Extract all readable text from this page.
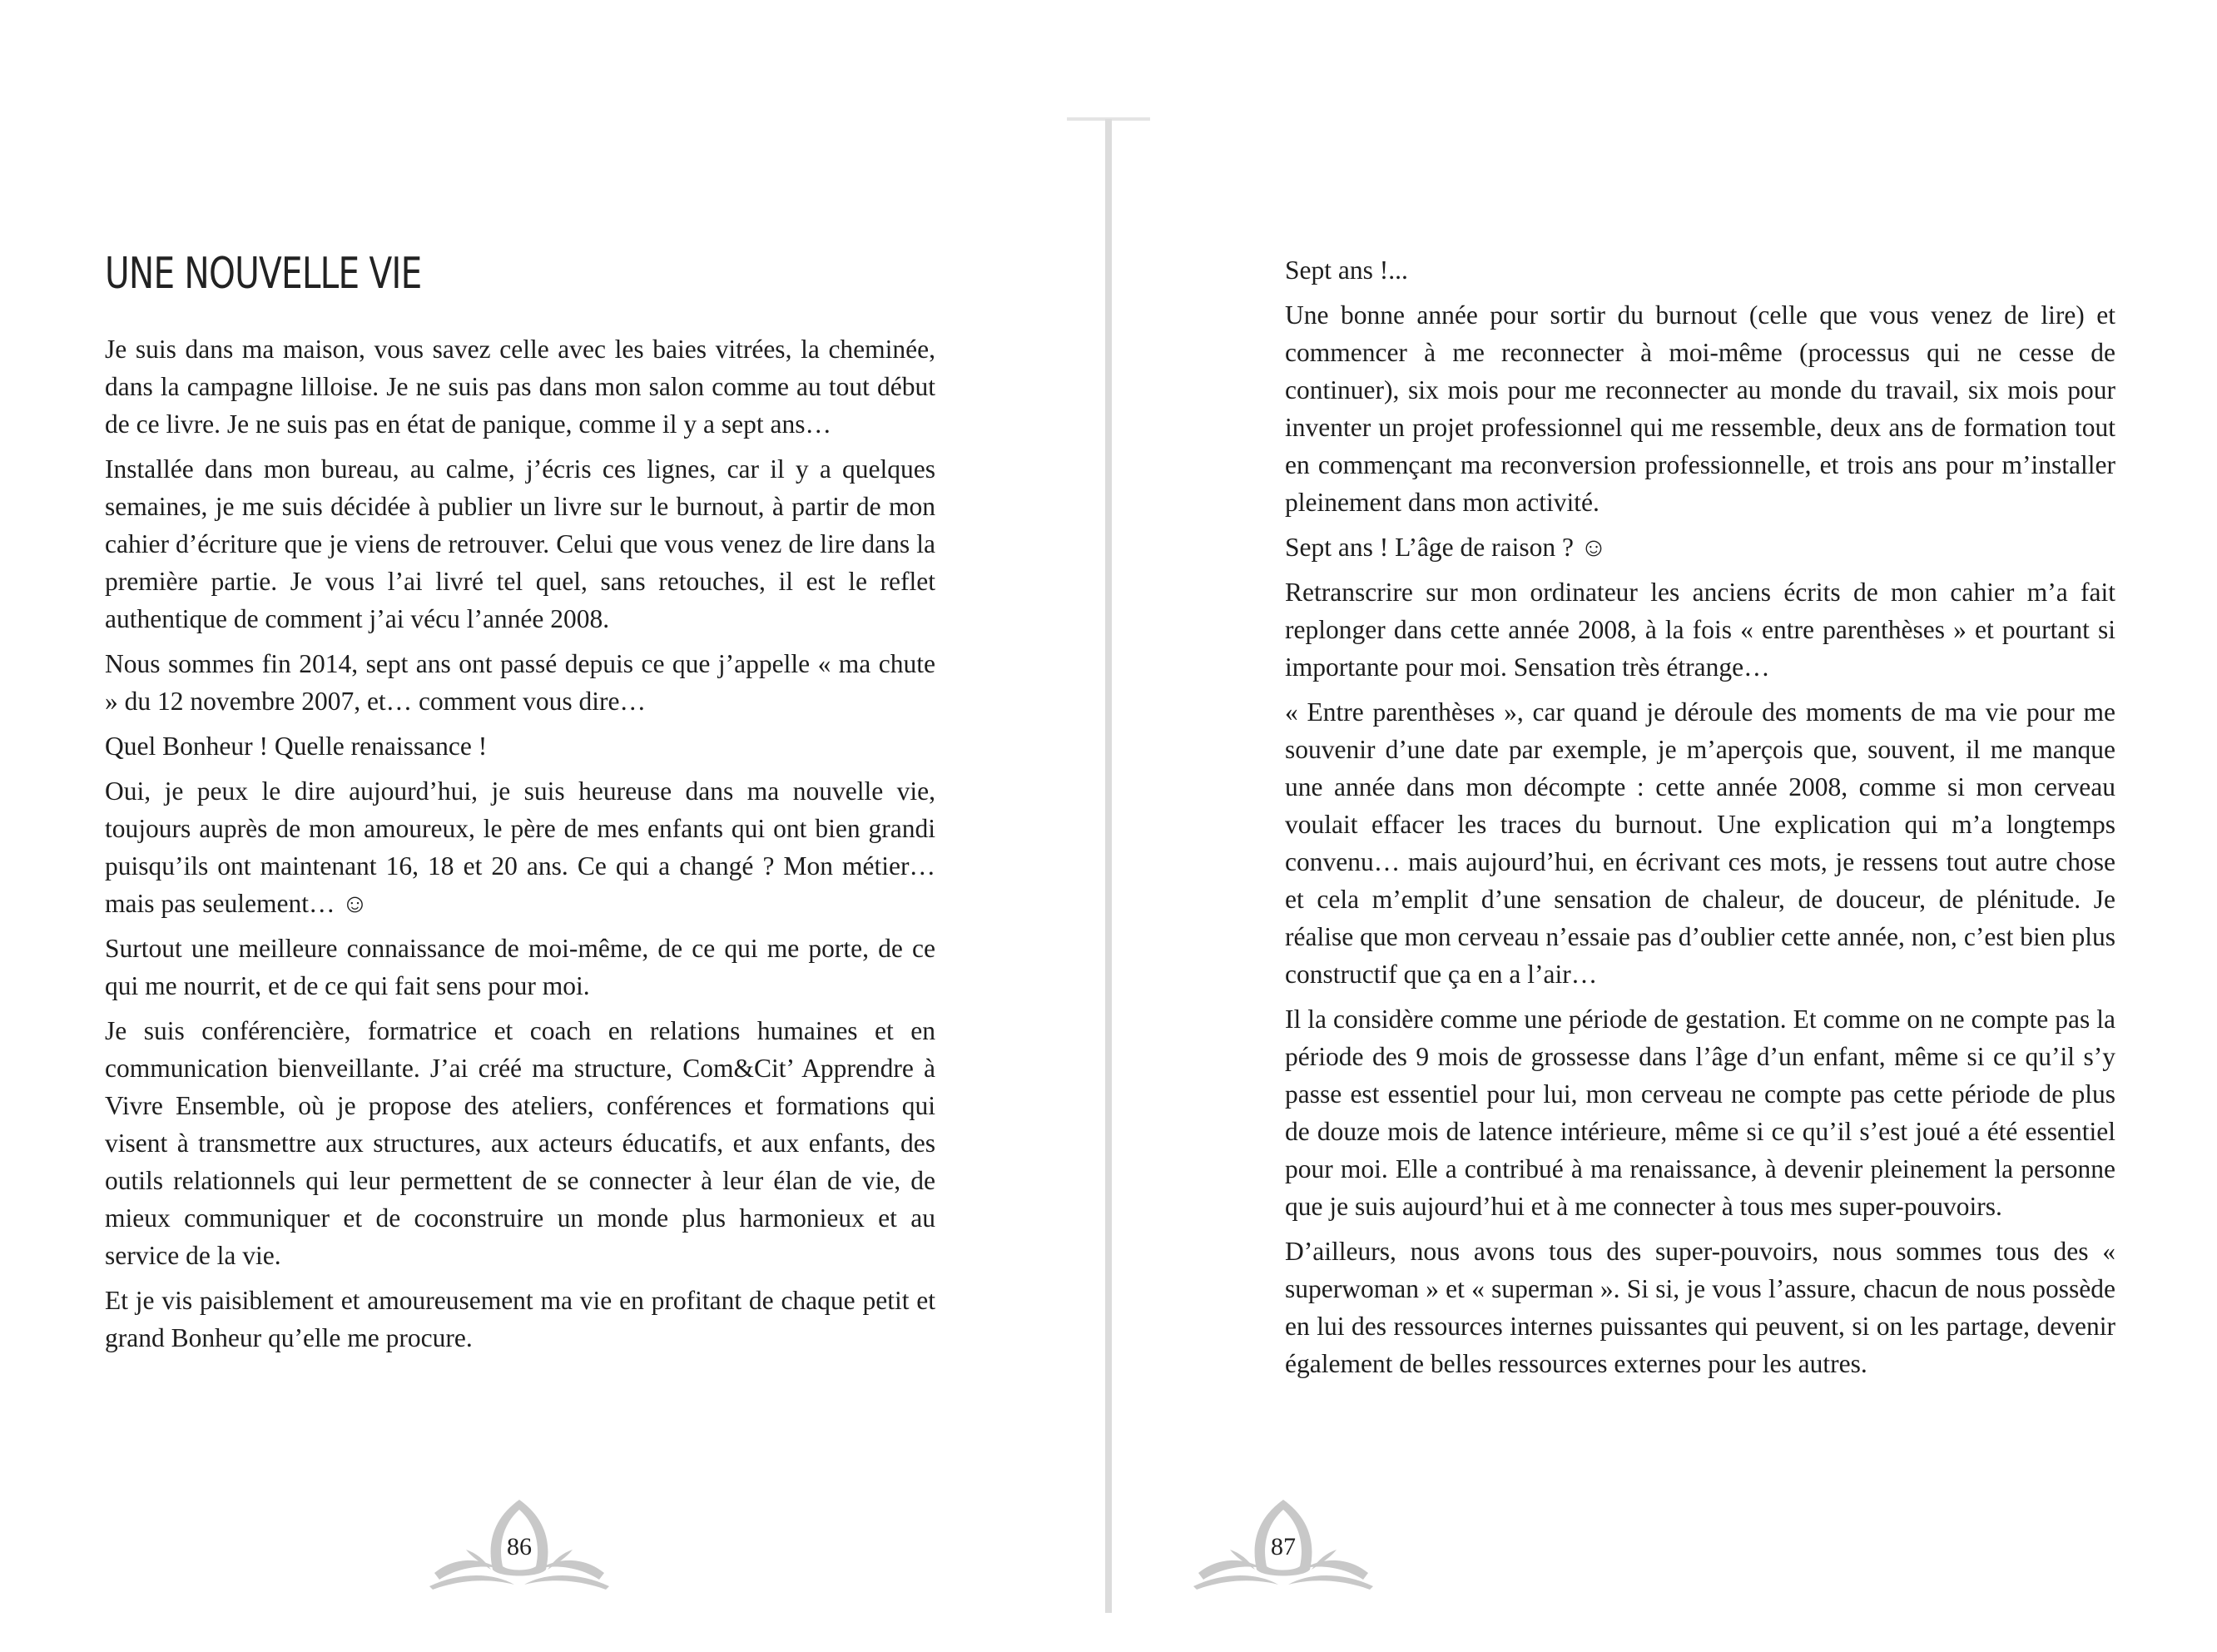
UNE NOUVELLE VIE

Je suis dans ma maison, vous savez celle avec les baies vitrées, la cheminée, dans la campagne lilloise. Je ne suis pas dans mon salon comme au tout début de ce livre. Je ne suis pas en état de panique, comme il y a sept ans…

Installée dans mon bureau, au calme, j’écris ces lignes, car il y a quelques semaines, je me suis décidée à publier un livre sur le burnout, à partir de mon cahier d’écriture que je viens de retrouver. Celui que vous venez de lire dans la première partie. Je vous l’ai livré tel quel, sans retouches, il est le reflet authentique de comment j’ai vécu l’année 2008.

Nous sommes fin 2014, sept ans ont passé depuis ce que j’appelle « ma chute » du 12 novembre 2007, et… comment vous dire…

Quel Bonheur ! Quelle renaissance !

Oui, je peux le dire aujourd’hui, je suis heureuse dans ma nouvelle vie, toujours auprès de mon amoureux, le père de mes enfants qui ont bien grandi puisqu’ils ont maintenant 16, 18 et 20 ans. Ce qui a changé ? Mon métier… mais pas seulement… ☺

Surtout une meilleure connaissance de moi-même, de ce qui me porte, de ce qui me nourrit, et de ce qui fait sens pour moi.

Je suis conférencière, formatrice et coach en relations humaines et en communication bienveillante. J’ai créé ma structure, Com&Cit’ Apprendre à Vivre Ensemble, où je propose des ateliers, conférences et formations qui visent à transmettre aux structures, aux acteurs éducatifs, et aux enfants, des outils relationnels qui leur permettent de se connecter à leur élan de vie, de mieux communiquer et de coconstruire un monde plus harmonieux et au service de la vie.

Et je vis paisiblement et amoureusement ma vie en profitant de chaque petit et grand Bonheur qu’elle me procure.

86

Sept ans !...

Une bonne année pour sortir du burnout (celle que vous venez de lire) et commencer à me reconnecter à moi-même (processus qui ne cesse de continuer), six mois pour me reconnecter au monde du travail, six mois pour inventer un projet professionnel qui me ressemble, deux ans de formation tout en commençant ma reconversion professionnelle, et trois ans pour m’installer pleinement dans mon activité.

Sept ans ! L’âge de raison ? ☺

Retranscrire sur mon ordinateur les anciens écrits de mon cahier m’a fait replonger dans cette année 2008, à la fois « entre parenthèses » et pourtant si importante pour moi. Sensation très étrange…

« Entre parenthèses », car quand je déroule des moments de ma vie pour me souvenir d’une date par exemple, je m’aperçois que, souvent, il me manque une année dans mon décompte : cette année 2008, comme si mon cerveau voulait effacer les traces du burnout. Une explication qui m’a longtemps convenu… mais aujourd’hui, en écrivant ces mots, je ressens tout autre chose et cela m’emplit d’une sensation de chaleur, de douceur, de plénitude. Je réalise que mon cerveau n’essaie pas d’oublier cette année, non, c’est bien plus constructif que ça en a l’air…

Il la considère comme une période de gestation. Et comme on ne compte pas la période des 9 mois de grossesse dans l’âge d’un enfant, même si ce qu’il s’y passe est essentiel pour lui, mon cerveau ne compte pas cette période de plus de douze mois de latence intérieure, même si ce qu’il s’est joué a été essentiel pour moi. Elle a contribué à ma renaissance, à devenir pleinement la personne que je suis aujourd’hui et à me connecter à tous mes super-pouvoirs.

D’ailleurs, nous avons tous des super-pouvoirs, nous sommes tous des « superwoman » et « superman ». Si si, je vous l’assure, chacun de nous possède en lui des ressources internes puissantes qui peuvent, si on les partage, devenir également de belles ressources externes pour les autres.

87
